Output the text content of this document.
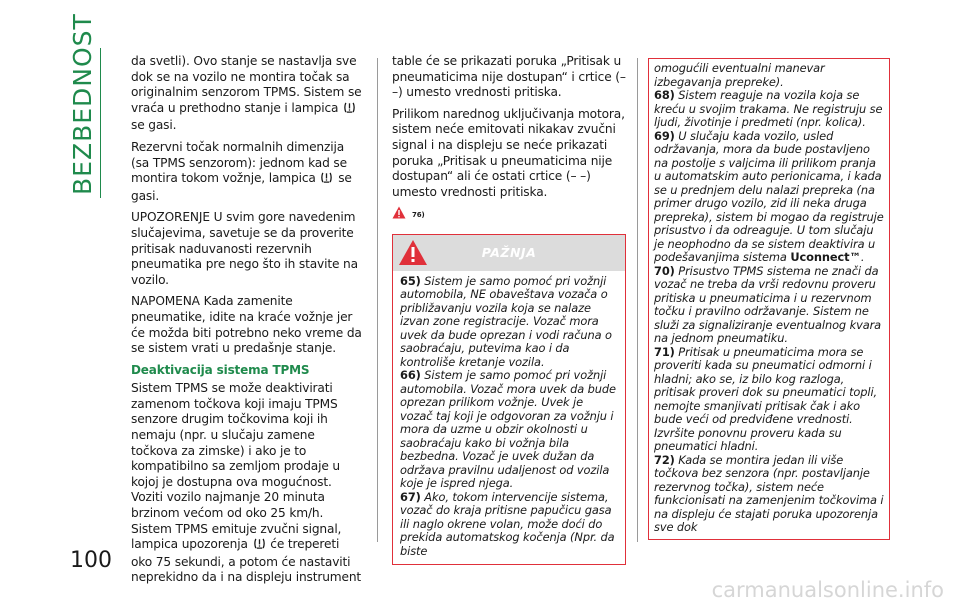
BEZBEDNOST
100

da svetli). Ovo stanje se nastavlja sve dok se na vozilo ne montira točak sa originalnim senzorom TPMS. Sistem se vraća u prethodno stanje i lampica  se gasi.

Rezervni točak normalnih dimenzija (sa TPMS senzorom): jednom kad se montira tokom vožnje, lampica se gasi.

UPOZORENJE U svim gore navedenim slučajevima, savetuje se da proverite pritisak naduvanosti rezervnih pneumatika pre nego što ih stavite na vozilo.

NAPOMENA Kada zamenite pneumatike, idite na kraće vožnje jer će možda biti potrebno neko vreme da se sistem vrati u predašnje stanje.

Deaktivacija sistema TPMS

Sistem TPMS se može deaktivirati zamenom točkova koji imaju TPMS senzore drugim točkovima koji ih nemaju (npr. u slučaju zamene točkova za zimske) i ako je to kompatibilno sa zemljom prodaje u kojoj je dostupna ova mogućnost. Voziti vozilo najmanje 20 minuta brzinom većom od oko 25 km/h. Sistem TPMS emituje zvučni signal, lampica upozorenja će trepereti oko 75 sekundi, a potom će nastaviti neprekidno da i na displeju instrument

table će se prikazati poruka „Pritisak u pneumaticima nije dostupan“ i crtice (– –) umesto vrednosti pritiska.

Prilikom narednog uključivanja motora, sistem neće emitovati nikakav zvučni signal i na displeju se neće prikazati poruka „Pritisak u pneumaticima nije dostupan“ ali će ostati crtice (– –) umesto vrednosti pritiska.

76)
PAŽNJA

65) Sistem je samo pomoć pri vožnji automobila, NE obaveštava vozača o približavanju vozila koja se nalaze izvan zone registracije. Vozač mora uvek da bude oprezan i vodi računa o saobraćaju, putevima kao i da kontroliše kretanje vozila.

66) Sistem je samo pomoć pri vožnji automobila. Vozač mora uvek da bude oprezan prilikom vožnje. Uvek je vozač taj koji je odgovoran za vožnju i mora da uzme u obzir okolnosti u saobraćaju kako bi vožnja bila bezbedna. Vozač je uvek dužan da održava pravilnu udaljenost od vozila koje je ispred njega.

67) Ako, tokom intervencije sistema, vozač do kraja pritisne papučicu gasa ili naglo okrene volan, može doći do prekida automatskog kočenja (Npr. da biste

omogućili eventualni manevar izbegavanja prepreke).

68) Sistem reaguje na vozila koja se kreću u svojim trakama. Ne registruju se ljudi, životinje i predmeti (npr. kolica).

69) U slučaju kada vozilo, usled održavanja, mora da bude postavljeno na postolje s valjcima ili prilikom pranja u automatskim auto perionicama, i kada se u prednjem delu nalazi prepreka (na primer drugo vozilo, zid ili neka druga prepreka), sistem bi mogao da registruje prisustvo i da odreaguje. U tom slučaju je neophodno da se sistem deaktivira u podešavanjima sistema Uconnect™.

70) Prisustvo TPMS sistema ne znači da vozač ne treba da vrši redovnu proveru pritiska u pneumaticima i u rezervnom točku i pravilno održavanje. Sistem ne služi za signaliziranje eventualnog kvara na jednom pneumatiku.

71) Pritisak u pneumaticima mora se proveriti kada su pneumatici odmorni i hladni; ako se, iz bilo kog razloga, pritisak proveri dok su pneumatici topli, nemojte smanjivati pritisak čak i ako bude veći od predviđene vrednosti. Izvršite ponovnu proveru kada su pneumatici hladni.

72) Kada se montira jedan ili više točkova bez senzora (npr. postavljanje rezervnog točka), sistem neće funkcionisati na zamenjenim točkovima i na displeju će stajati poruka upozorenja sve dok

carmanualsonline.info
